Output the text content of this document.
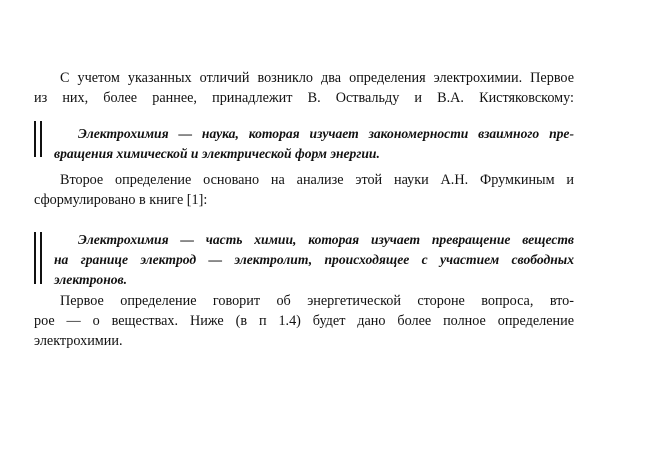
С учетом указанных отличий возникло два определения электрохимии. Первое
из них, более раннее, принадлежит В. Оствальду и В.А. Кистяковскому:
Электрохимия — наука, которая изучает закономерности взаимного пре-
вращения химической и электрической форм энергии.
Второе определение основано на анализе этой науки А.Н. Фрумкиным и
сформулировано в книге [1]:
Электрохимия — часть химии, которая изучает превращение веществ
на границе электрод — электролит, происходящее с участием свободных
электронов.
Первое определение говорит об энергетической стороне вопроса, вто-
рое — о веществах. Ниже (в п 1.4) будет дано более полное определение
электрохимии.
